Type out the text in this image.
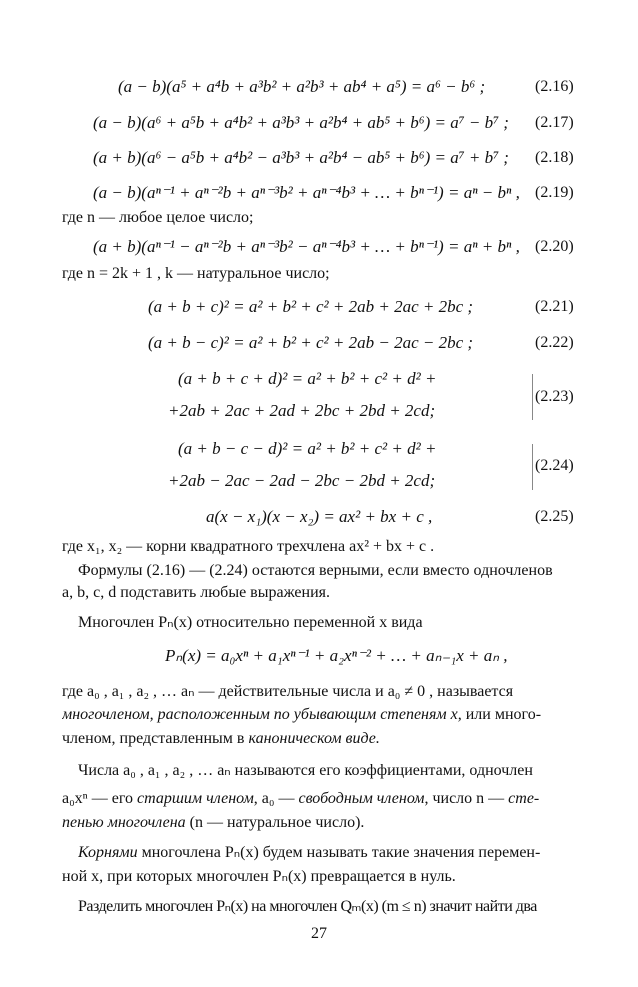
(a − b)(a⁵ + a⁴b + a³b² + a²b³ + ab⁴ + a⁵) = a⁶ − b⁶ ;	(2.16)
(a − b)(a⁶ + a⁵b + a⁴b² + a³b³ + a²b⁴ + ab⁵ + b⁶) = a⁷ − b⁷ ; (2.17)
(a + b)(a⁶ − a⁵b + a⁴b² − a³b³ + a²b⁴ − ab⁵ + b⁶) = a⁷ + b⁷ ; (2.18)
(a − b)(aⁿ⁻¹ + aⁿ⁻²b + aⁿ⁻³b² + aⁿ⁻⁴b³ + … + bⁿ⁻¹) = aⁿ − bⁿ , (2.19)
где n — любое целое число;
(a + b)(aⁿ⁻¹ − aⁿ⁻²b + aⁿ⁻³b² − aⁿ⁻⁴b³ + … + bⁿ⁻¹) = aⁿ + bⁿ , (2.20)
где n = 2k + 1 , k — натуральное число;
(a + b + c)² = a² + b² + c² + 2ab + 2ac + 2bc ;	(2.21)
(a + b − c)² = a² + b² + c² + 2ab − 2ac − 2bc ;	(2.22)
(a + b + c + d)² = a² + b² + c² + d² +
+2ab + 2ac + 2ad + 2bc + 2bd + 2cd;
(2.23)
(a + b − c − d)² = a² + b² + c² + d² +
+2ab − 2ac − 2ad − 2bc − 2bd + 2cd;
(2.24)
a(x − x₁)(x − x₂) = ax² + bx + c ,	(2.25)
где x₁, x₂ — корни квадратного трехчлена ax² + bx + c .
Формулы (2.16) — (2.24) остаются верными, если вместо одночленов
a, b, c, d подставить любые выражения.
Многочлен Pₙ(x) относительно переменной x вида
Pₙ(x) = a₀xⁿ + a₁xⁿ⁻¹ + a₂xⁿ⁻² + … + aₙ₋₁x + aₙ ,
где a₀ , a₁ , a₂ , … aₙ — действительные числа и a₀ ≠ 0 , называется
многочленом, расположенным по убывающим степеням x, или много-
членом, представленным в каноническом виде.
Числа a₀ , a₁ , a₂ , … aₙ называются его коэффициентами, одночлен
a₀xⁿ — его старшим членом, a₀ — свободным членом, число n — сте-
пенью многочлена (n — натуральное число).
Корнями многочлена Pₙ(x) будем называть такие значения перемен-
ной x, при которых многочлен Pₙ(x) превращается в нуль.
Разделить многочлен Pₙ(x) на многочлен Qₘ(x) (m ≤ n) значит найти два
27
